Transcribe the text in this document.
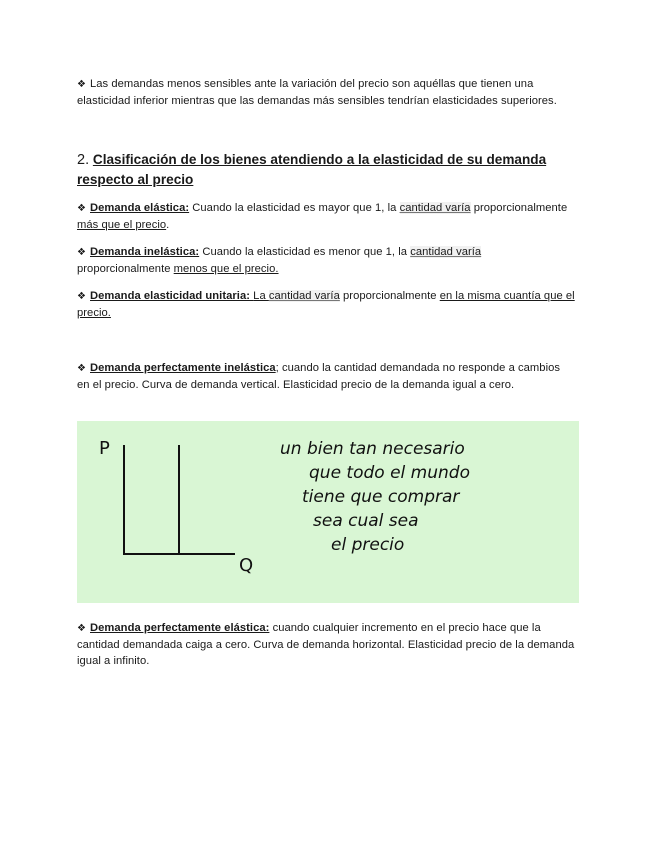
❖ Las demandas menos sensibles ante la variación del precio son aquéllas que tienen una elasticidad inferior mientras que las demandas más sensibles tendrían elasticidades superiores.
2. Clasificación de los bienes atendiendo a la elasticidad de su demanda respecto al precio
❖ Demanda elástica: Cuando la elasticidad es mayor que 1, la cantidad varía proporcionalmente más que el precio.
❖ Demanda inelástica: Cuando la elasticidad es menor que 1, la cantidad varía proporcionalmente menos que el precio.
❖ Demanda elasticidad unitaria: La cantidad varía proporcionalmente en la misma cuantía que el precio.
❖ Demanda perfectamente inelástica; cuando la cantidad demandada no responde a cambios en el precio. Curva de demanda vertical. Elasticidad precio de la demanda igual a cero.
P
Q
un bien tan necesario
que todo el mundo
tiene que comprar
sea cual sea
el precio
❖ Demanda perfectamente elástica: cuando cualquier incremento en el precio hace que la cantidad demandada caiga a cero. Curva de demanda horizontal. Elasticidad precio de la demanda igual a infinito.
